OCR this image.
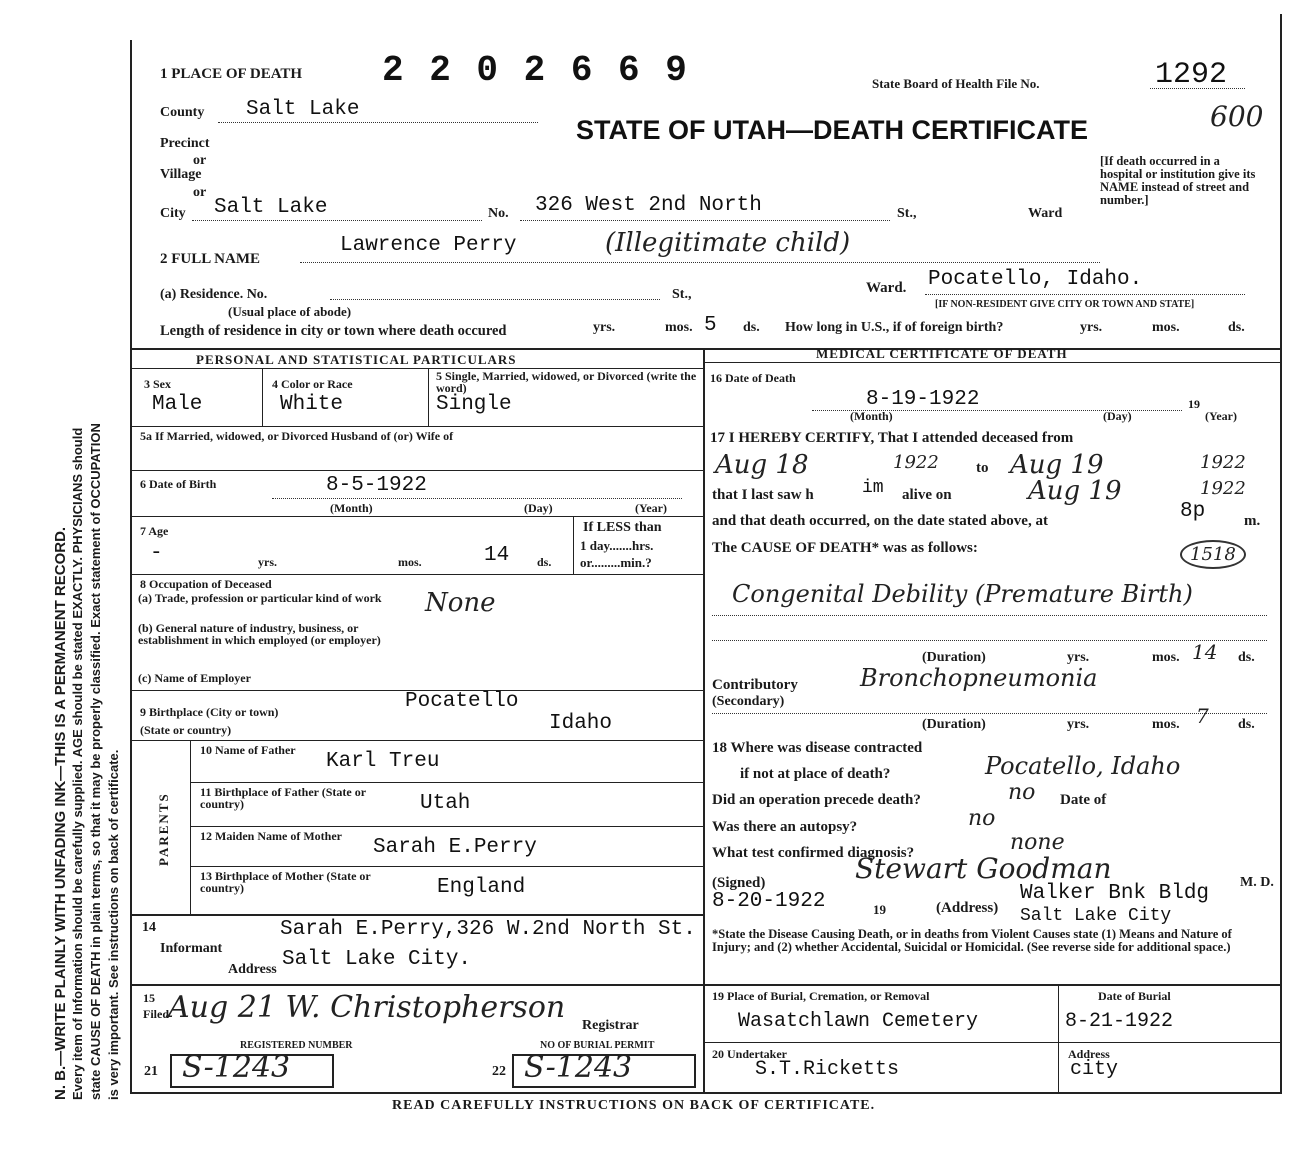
N. B.—WRITE PLAINLY WITH UNFADING INK—THIS IS A PERMANENT RECORD. Every item of Information should be carefully supplied. AGE should be stated EXACTLY. PHYSICIANS should state CAUSE OF DEATH in plain terms, so that it may be properly classified. Exact statement of OCCUPATION is very important. See instructions on back of certificate.
1 PLACE OF DEATH 2 2 0 2 6 6 9	State Board of Health File No.	1292
600
County Salt Lake
STATE OF UTAH—DEATH CERTIFICATE
Precinct
or
Village
or
City Salt Lake	No. 326 West 2nd North	St.,	Ward
[If death occurred in a hospital or institution give its NAME instead of street and number.]
2 FULL NAME
Lawrence Perry	(Illegitimate child)
(a) Residence. No.
(Usual place of abode)
St.,	Ward. Pocatello, Idaho.
[IF NON-RESIDENT GIVE CITY OR TOWN AND STATE]
Length of residence in city or town where death occured	yrs.	mos. 5 ds. How long in U.S., if of foreign birth?	yrs.	mos.	ds.
PERSONAL AND STATISTICAL PARTICULARS
3 Sex
Male
4 Color or Race
White
5 Single, Married, widowed, or Divorced (write the word)
Single
5a If Married, widowed, or Divorced Husband of (or) Wife of
6 Date of Birth	8-5-1922
(Month)	(Day)	(Year)
7 Age
-	yrs.	mos.	14 ds.
If LESS than
1 day.......hrs.
or.........min.?
8 Occupation of Deceased
(a) Trade, profession or particular kind of work	None
(b) General nature of industry, business, or establishment in which employed (or employer)
(c) Name of Employer
9 Birthplace (City or town)
(State or country)
Pocatello
Idaho
PARENTS
10 Name of Father	Karl Treu
11 Birthplace of Father (State or country)	Utah
12 Maiden Name of Mother	Sarah E.Perry
13 Birthplace of Mother (State or country)	England
14
Informant
Sarah E.Perry,326 W.2nd North St.
Address Salt Lake City.
15
Filed Aug 21 W. Christopherson
Registrar
REGISTERED NUMBER	NO OF BURIAL PERMIT
21 S-1243	22 S-1243
MEDICAL CERTIFICATE OF DEATH
16 Date of Death
8-19-1922
(Month)	(Day)
19
(Year)
17 I HEREBY CERTIFY, That I attended deceased from
Aug 18	1922 to Aug 19	1922
that I last saw h	im alive on	Aug 19	1922
and that death occurred, on the date stated above, at	8p	m.
The CAUSE OF DEATH* was as follows:	1518
Congenital Debility (Premature Birth)
(Duration)	yrs.	mos. 14 ds.
Contributory
(Secondary)
Bronchopneumonia
(Duration)	yrs.	mos. 7 ds.
18 Where was disease contracted
if not at place of death?	Pocatello, Idaho
Did an operation precede death?	no Date of
Was there an autopsy?	no
What test confirmed diagnosis?	none
(Signed)	Stewart Goodman	M. D.
8-20-1922	19	(Address)
Walker Bnk Bldg
Salt Lake City
*State the Disease Causing Death, or in deaths from Violent Causes state (1) Means and Nature of Injury; and (2) whether Accidental, Suicidal or Homicidal. (See reverse side for additional space.)
19 Place of Burial, Cremation, or Removal
Wasatchlawn Cemetery
Date of Burial
8-21-1922
20 Undertaker
S.T.Ricketts
Address
city
READ CAREFULLY INSTRUCTIONS ON BACK OF CERTIFICATE.
